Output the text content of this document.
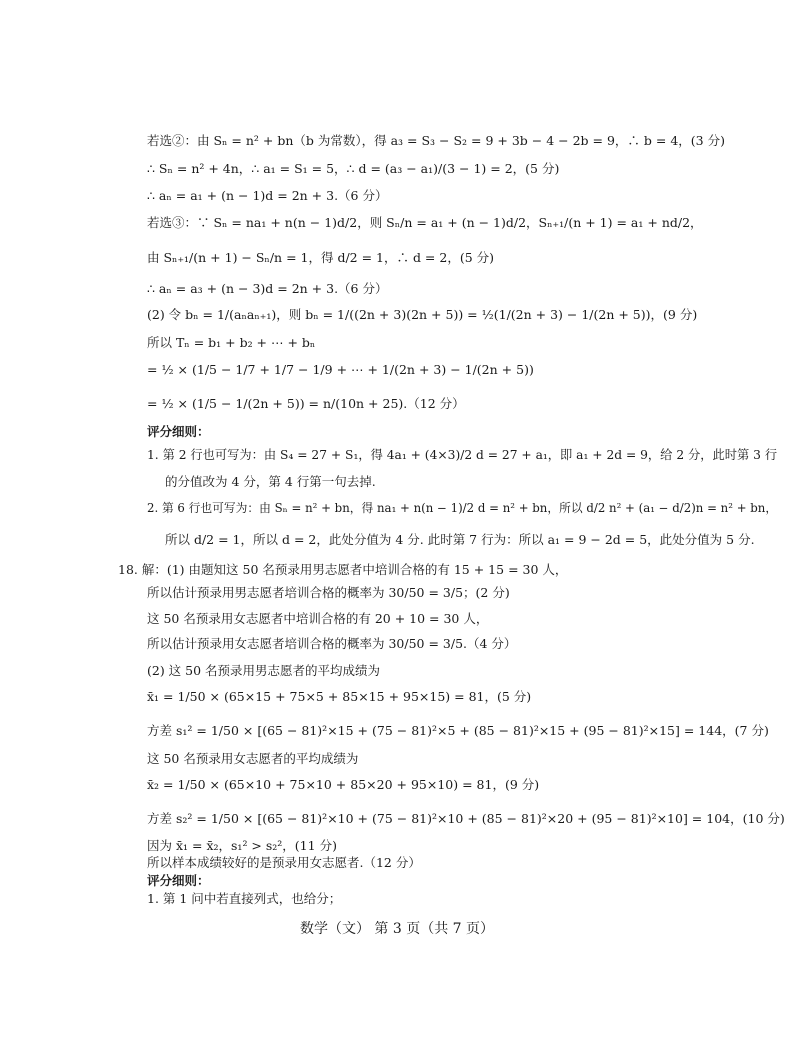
若选②：由 Sₙ = n² + bn（b 为常数），得 a₃ = S₃ − S₂ = 9 + 3b − 4 − 2b = 9，∴ b = 4，(3 分)
∴ Sₙ = n² + 4n，∴ a₁ = S₁ = 5，∴ d = (a₃ − a₁)/(3 − 1) = 2，(5 分)
∴ aₙ = a₁ + (n − 1)d = 2n + 3.（6 分）
若选③：∵ Sₙ = na₁ + n(n − 1)d/2，则 Sₙ/n = a₁ + (n − 1)d/2，Sₙ₊₁/(n + 1) = a₁ + nd/2，
由 Sₙ₊₁/(n + 1) − Sₙ/n = 1，得 d/2 = 1，∴ d = 2，(5 分)
∴ aₙ = a₃ + (n − 3)d = 2n + 3.（6 分）
(2) 令 bₙ = 1/(aₙaₙ₊₁)，则 bₙ = 1/((2n + 3)(2n + 5)) = ½(1/(2n + 3) − 1/(2n + 5))，(9 分)
所以 Tₙ = b₁ + b₂ + ⋯ + bₙ
= ½ × (1/5 − 1/7 + 1/7 − 1/9 + ⋯ + 1/(2n + 3) − 1/(2n + 5))
= ½ × (1/5 − 1/(2n + 5)) = n/(10n + 25).（12 分）
评分细则：
1. 第 2 行也可写为：由 S₄ = 27 + S₁，得 4a₁ + (4×3)/2 d = 27 + a₁，即 a₁ + 2d = 9，给 2 分，此时第 3 行
的分值改为 4 分，第 4 行第一句去掉.
2. 第 6 行也可写为：由 Sₙ = n² + bn，得 na₁ + n(n − 1)/2 d = n² + bn，所以 d/2 n² + (a₁ − d/2)n = n² + bn，
所以 d/2 = 1，所以 d = 2，此处分值为 4 分. 此时第 7 行为：所以 a₁ = 9 − 2d = 5，此处分值为 5 分.
18. 解：(1) 由题知这 50 名预录用男志愿者中培训合格的有 15 + 15 = 30 人，
所以估计预录用男志愿者培训合格的概率为 30/50 = 3/5；(2 分)
这 50 名预录用女志愿者中培训合格的有 20 + 10 = 30 人，
所以估计预录用女志愿者培训合格的概率为 30/50 = 3/5.（4 分）
(2) 这 50 名预录用男志愿者的平均成绩为
x̄₁ = 1/50 × (65×15 + 75×5 + 85×15 + 95×15) = 81，(5 分)
方差 s₁² = 1/50 × [(65 − 81)²×15 + (75 − 81)²×5 + (85 − 81)²×15 + (95 − 81)²×15] = 144，(7 分)
这 50 名预录用女志愿者的平均成绩为
x̄₂ = 1/50 × (65×10 + 75×10 + 85×20 + 95×10) = 81，(9 分)
方差 s₂² = 1/50 × [(65 − 81)²×10 + (75 − 81)²×10 + (85 − 81)²×20 + (95 − 81)²×10] = 104，(10 分)
因为 x̄₁ = x̄₂，s₁² > s₂²，(11 分)
所以样本成绩较好的是预录用女志愿者.（12 分）
评分细则：
1. 第 1 问中若直接列式，也给分；
数学（文） 第 3 页（共 7 页）
